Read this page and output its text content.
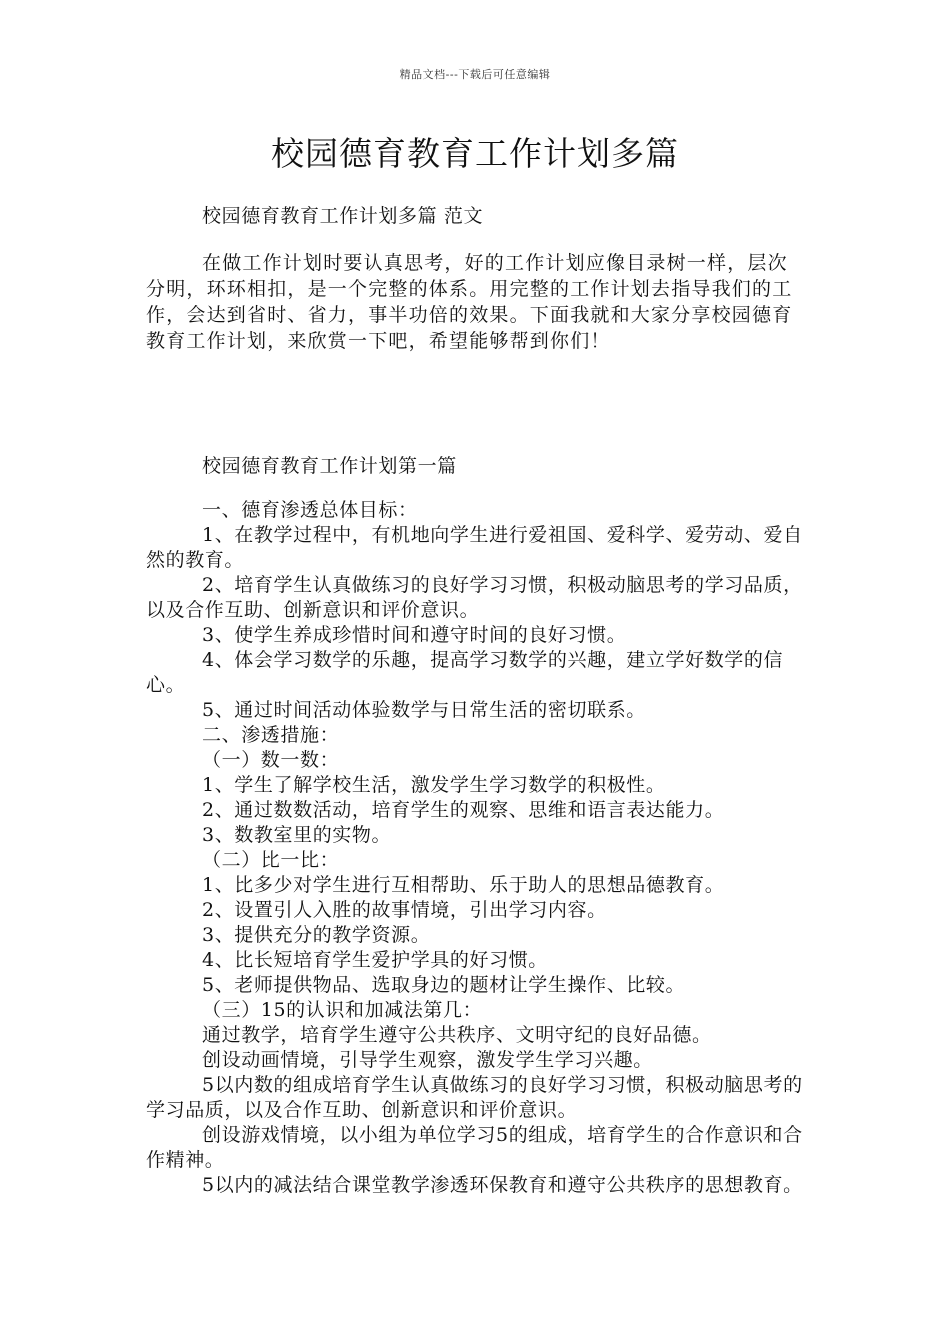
精品文档---下载后可任意编辑
校园德育教育工作计划多篇
校园德育教育工作计划多篇 范文

在做工作计划时要认真思考，好的工作计划应像目录树一样，层次分明，环环相扣，是一个完整的体系。用完整的工作计划去指导我们的工作，会达到省时、省力，事半功倍的效果。下面我就和大家分享校园德育教育工作计划，来欣赏一下吧，希望能够帮到你们！

校园德育教育工作计划第一篇

一、德育渗透总体目标：

1、在教学过程中，有机地向学生进行爱祖国、爱科学、爱劳动、爱自然的教育。

2、培育学生认真做练习的良好学习习惯，积极动脑思考的学习品质，以及合作互助、创新意识和评价意识。

3、使学生养成珍惜时间和遵守时间的良好习惯。

4、体会学习数学的乐趣，提高学习数学的兴趣，建立学好数学的信心。

5、通过时间活动体验数学与日常生活的密切联系。

二、渗透措施：

（一）数一数：

1、学生了解学校生活，激发学生学习数学的积极性。

2、通过数数活动，培育学生的观察、思维和语言表达能力。

3、数教室里的实物。

（二）比一比：

1、比多少对学生进行互相帮助、乐于助人的思想品德教育。

2、设置引人入胜的故事情境，引出学习内容。

3、提供充分的教学资源。

4、比长短培育学生爱护学具的好习惯。

5、老师提供物品、选取身边的题材让学生操作、比较。

（三）15的认识和加减法第几：

通过教学，培育学生遵守公共秩序、文明守纪的良好品德。

创设动画情境，引导学生观察，激发学生学习兴趣。

5以内数的组成培育学生认真做练习的良好学习习惯，积极动脑思考的学习品质，以及合作互助、创新意识和评价意识。

创设游戏情境，以小组为单位学习5的组成，培育学生的合作意识和合作精神。

5以内的减法结合课堂教学渗透环保教育和遵守公共秩序的思想教育。
